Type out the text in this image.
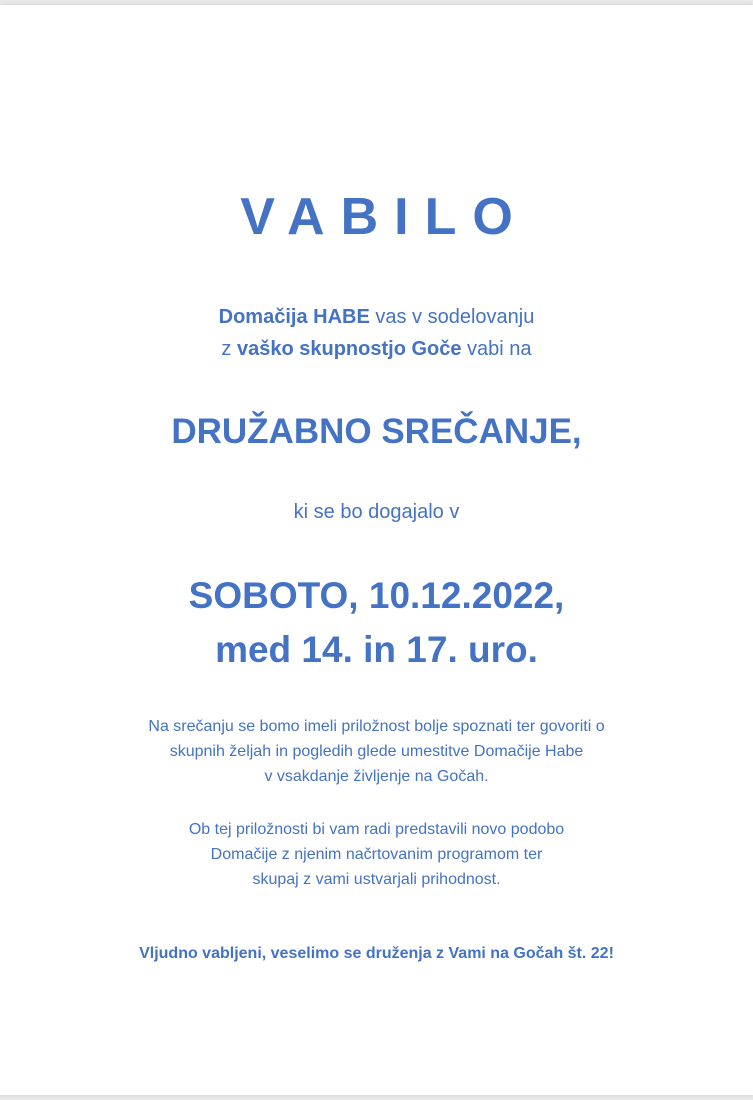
VABILO
Domačija HABE vas v sodelovanju
z vaško skupnostjo Goče vabi na
DRUŽABNO SREČANJE,
ki se bo dogajalo v
SOBOTO, 10.12.2022,
med 14. in 17. uro.
Na srečanju se bomo imeli priložnost bolje spoznati ter govoriti o
skupnih željah in pogledih glede umestitve Domačije Habe
v vsakdanje življenje na Gočah.
Ob tej priložnosti bi vam radi predstavili novo podobo
Domačije z njenim načrtovanim programom ter
skupaj z vami ustvarjali prihodnost.
Vljudno vabljeni, veselimo se druženja z Vami na Gočah št. 22!
